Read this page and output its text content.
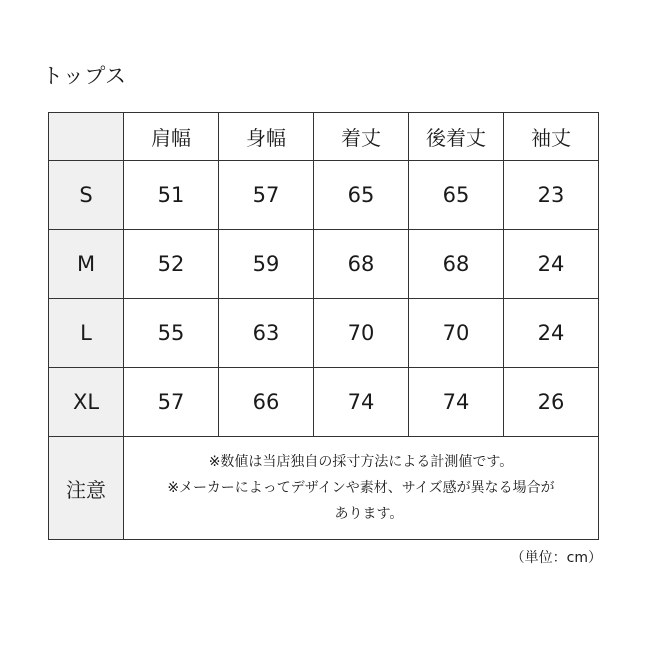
トップス
	肩幅	身幅	着丈	後着丈	袖丈
S	51	57	65	65	23
M	52	59	68	68	24
L	55	63	70	70	24
XL	57	66	74	74	26
注意	※数値は当店独自の採寸方法による計測値です。
※メーカーによってデザインや素材、サイズ感が異なる場合が
あります。				
（単位：cm）
